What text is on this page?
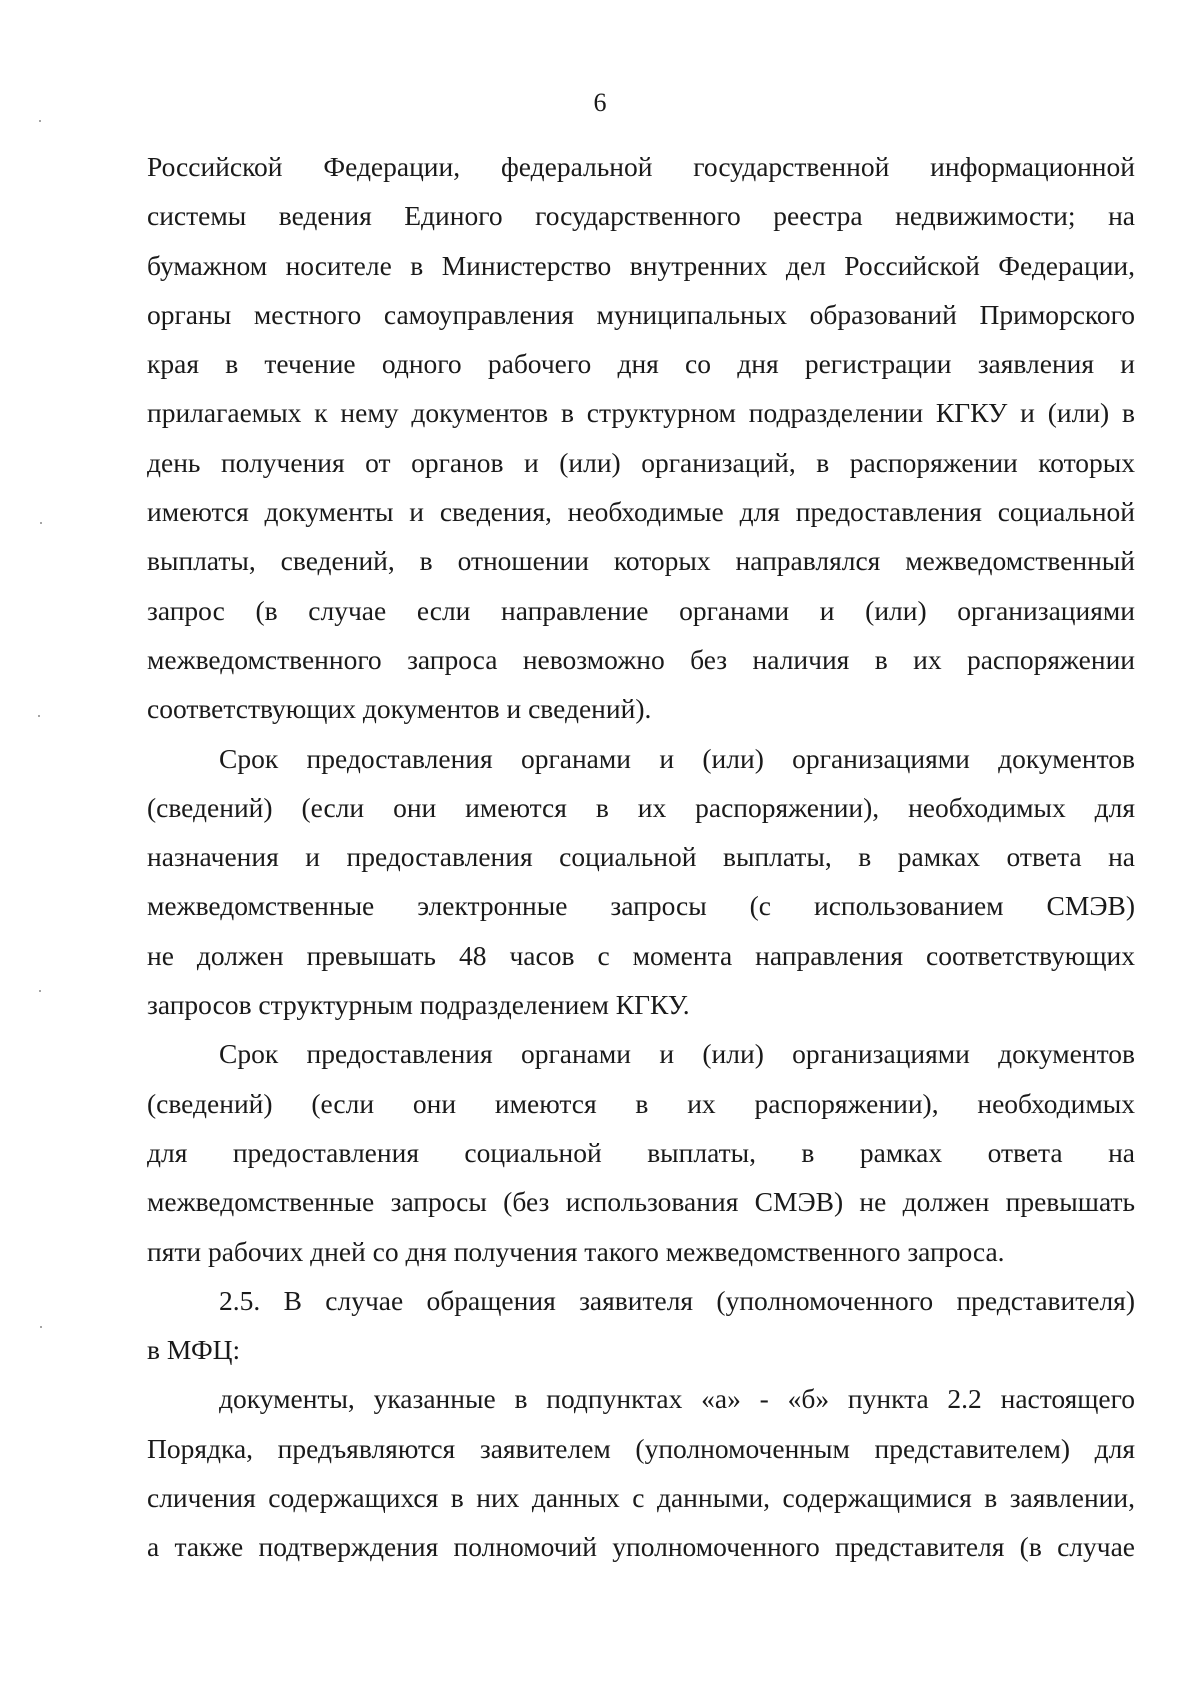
6
Российской Федерации, федеральной государственной информационной
системы ведения Единого государственного реестра недвижимости; на
бумажном носителе в Министерство внутренних дел Российской Федерации,
органы местного самоуправления муниципальных образований Приморского
края в течение одного рабочего дня со дня регистрации заявления и
прилагаемых к нему документов в структурном подразделении КГКУ и (или) в
день получения от органов и (или) организаций, в распоряжении которых
имеются документы и сведения, необходимые для предоставления социальной
выплаты, сведений, в отношении которых направлялся межведомственный
запрос (в случае если направление органами и (или) организациями
межведомственного запроса невозможно без наличия в их распоряжении
соответствующих документов и сведений).
Срок предоставления органами и (или) организациями документов
(сведений) (если они имеются в их распоряжении), необходимых для
назначения и предоставления социальной выплаты, в рамках ответа на
межведомственные электронные запросы (с использованием СМЭВ)
не должен превышать 48 часов с момента направления соответствующих
запросов структурным подразделением КГКУ.
Срок предоставления органами и (или) организациями документов
(сведений) (если они имеются в их распоряжении), необходимых
для предоставления социальной выплаты, в рамках ответа на
межведомственные запросы (без использования СМЭВ) не должен превышать
пяти рабочих дней со дня получения такого межведомственного запроса.
2.5. В случае обращения заявителя (уполномоченного представителя)
в МФЦ:
документы, указанные в подпунктах «а» - «б» пункта 2.2 настоящего
Порядка, предъявляются заявителем (уполномоченным представителем) для
сличения содержащихся в них данных с данными, содержащимися в заявлении,
а также подтверждения полномочий уполномоченного представителя (в случае
